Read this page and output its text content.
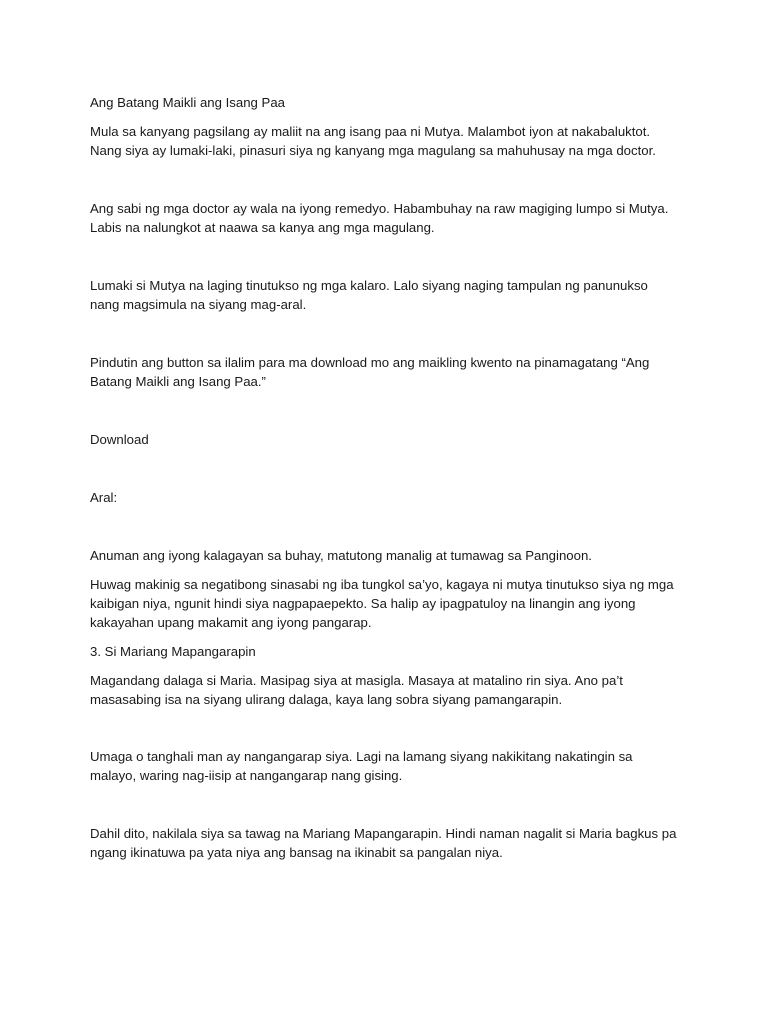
Ang Batang Maikli ang Isang Paa

Mula sa kanyang pagsilang ay maliit na ang isang paa ni Mutya. Malambot iyon at nakabaluktot. Nang siya ay lumaki-laki, pinasuri siya ng kanyang mga magulang sa mahuhusay na mga doctor.

Ang sabi ng mga doctor ay wala na iyong remedyo. Habambuhay na raw magiging lumpo si Mutya. Labis na nalungkot at naawa sa kanya ang mga magulang.

Lumaki si Mutya na laging tinutukso ng mga kalaro. Lalo siyang naging tampulan ng panunukso nang magsimula na siyang mag-aral.

Pindutin ang button sa ilalim para ma download mo ang maikling kwento na pinamagatang “Ang Batang Maikli ang Isang Paa.”

Download

Aral:

Anuman ang iyong kalagayan sa buhay, matutong manalig at tumawag sa Panginoon.

Huwag makinig sa negatibong sinasabi ng iba tungkol sa’yo, kagaya ni mutya tinutukso siya ng mga kaibigan niya, ngunit hindi siya nagpapaepekto. Sa halip ay ipagpatuloy na linangin ang iyong kakayahan upang makamit ang iyong pangarap.

3. Si Mariang Mapangarapin

Magandang dalaga si Maria. Masipag siya at masigla. Masaya at matalino rin siya. Ano pa’t masasabing isa na siyang ulirang dalaga, kaya lang sobra siyang pamangarapin.

Umaga o tanghali man ay nangangarap siya. Lagi na lamang siyang nakikitang nakatingin sa malayo, waring nag-iisip at nangangarap nang gising.

Dahil dito, nakilala siya sa tawag na Mariang Mapangarapin. Hindi naman nagalit si Maria bagkus pa ngang ikinatuwa pa yata niya ang bansag na ikinabit sa pangalan niya.
